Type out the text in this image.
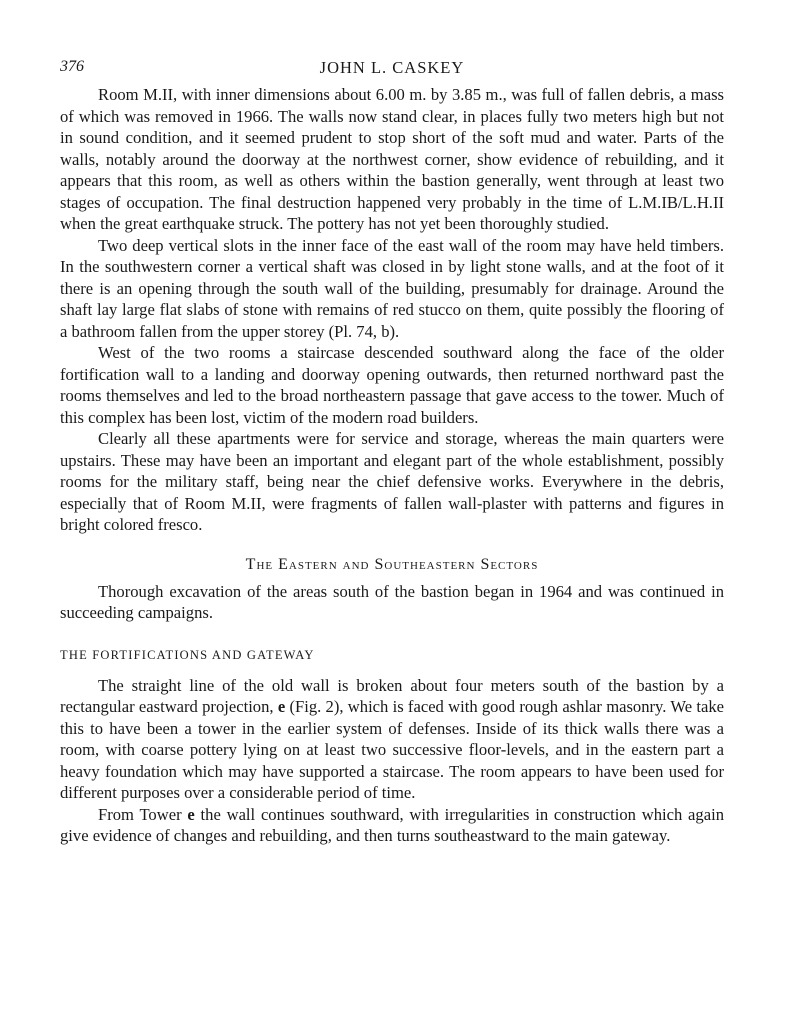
376	JOHN L. CASKEY

Room M.II, with inner dimensions about 6.00 m. by 3.85 m., was full of fallen debris, a mass of which was removed in 1966. The walls now stand clear, in places fully two meters high but not in sound condition, and it seemed prudent to stop short of the soft mud and water. Parts of the walls, notably around the doorway at the northwest corner, show evidence of rebuilding, and it appears that this room, as well as others within the bastion generally, went through at least two stages of occupation. The final destruction happened very probably in the time of L.M.IB/L.H.II when the great earthquake struck. The pottery has not yet been thoroughly studied.

Two deep vertical slots in the inner face of the east wall of the room may have held timbers. In the southwestern corner a vertical shaft was closed in by light stone walls, and at the foot of it there is an opening through the south wall of the building, presumably for drainage. Around the shaft lay large flat slabs of stone with remains of red stucco on them, quite possibly the flooring of a bathroom fallen from the upper storey (Pl. 74, b).

West of the two rooms a staircase descended southward along the face of the older fortification wall to a landing and doorway opening outwards, then returned northward past the rooms themselves and led to the broad northeastern passage that gave access to the tower. Much of this complex has been lost, victim of the modern road builders.

Clearly all these apartments were for service and storage, whereas the main quarters were upstairs. These may have been an important and elegant part of the whole establishment, possibly rooms for the military staff, being near the chief defensive works. Everywhere in the debris, especially that of Room M.II, were fragments of fallen wall-plaster with patterns and figures in bright colored fresco.

The Eastern and Southeastern Sectors

Thorough excavation of the areas south of the bastion began in 1964 and was continued in succeeding campaigns.

THE FORTIFICATIONS AND GATEWAY

The straight line of the old wall is broken about four meters south of the bastion by a rectangular eastward projection, e (Fig. 2), which is faced with good rough ashlar masonry. We take this to have been a tower in the earlier system of defenses. Inside of its thick walls there was a room, with coarse pottery lying on at least two successive floor-levels, and in the eastern part a heavy foundation which may have supported a staircase. The room appears to have been used for different purposes over a considerable period of time.

From Tower e the wall continues southward, with irregularities in construction which again give evidence of changes and rebuilding, and then turns southeastward to the main gateway.
